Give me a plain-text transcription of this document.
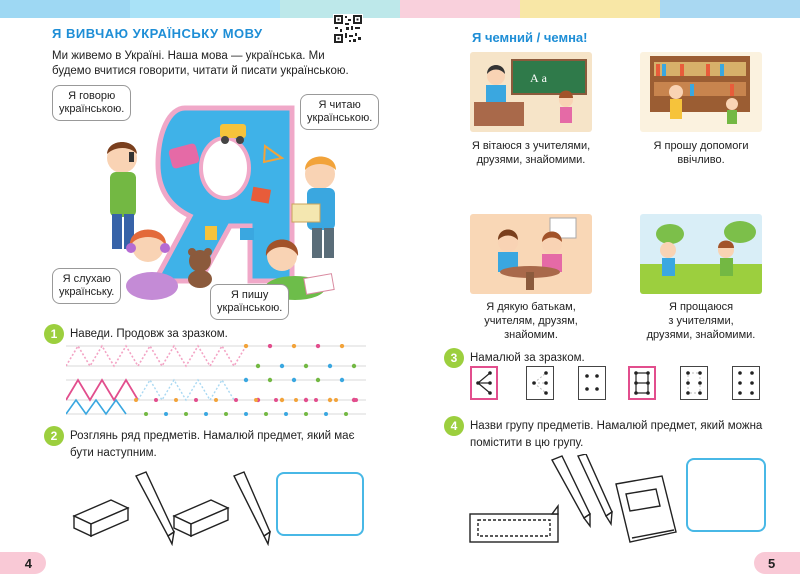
Я ВИВЧАЮ УКРАЇНСЬКУ МОВУ
Ми живемо в Україні. Наша мова — українська. Ми
будемо вчитися говорити, читати й писати українською.
Я говорю
українською.	Я читаю
українською.
Я слухаю
українську.	Я пишу
українською.
1	Наведи. Продовж за зразком.
2	Розглянь ряд предметів. Намалюй предмет, який має
бути наступним.
4
Я чемний / чемна!
А а
Я вітаюся з учителями,
друзями, знайомими.
Я прошу допомоги
ввічливо.
Я дякую батькам,
учителям, друзям,
знайомим.
Я прощаюся
з учителями,
друзями, знайомими.
3	Намалюй за зразком.
4	Назви групу предметів. Намалюй предмет, який можна
помістити в цю групу.
5
